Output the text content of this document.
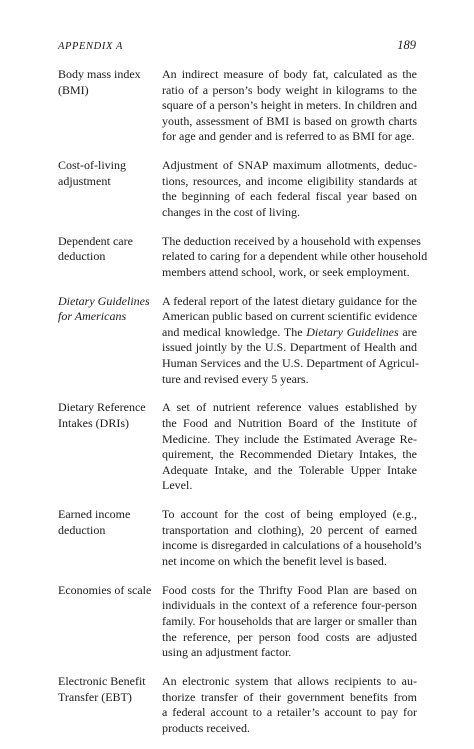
APPENDIX A	189
Body mass index
(BMI)
An indirect measure of body fat, calculated as the
ratio of a person’s body weight in kilograms to the
square of a person’s height in meters. In children and
youth, assessment of BMI is based on growth charts
for age and gender and is referred to as BMI for age.
Cost-of-living
adjustment
Adjustment of SNAP maximum allotments, deduc-
tions, resources, and income eligibility standards at
the beginning of each federal fiscal year based on
changes in the cost of living.
Dependent care
deduction
The deduction received by a household with expenses
related to caring for a dependent while other household
members attend school, work, or seek employment.
Dietary Guidelines
for Americans
A federal report of the latest dietary guidance for the
American public based on current scientific evidence
and medical knowledge. The Dietary Guidelines are
issued jointly by the U.S. Department of Health and
Human Services and the U.S. Department of Agricul-
ture and revised every 5 years.
Dietary Reference
Intakes (DRIs)
A set of nutrient reference values established by
the Food and Nutrition Board of the Institute of
Medicine. They include the Estimated Average Re-
quirement, the Recommended Dietary Intakes, the
Adequate Intake, and the Tolerable Upper Intake
Level.
Earned income
deduction
To account for the cost of being employed (e.g.,
transportation and clothing), 20 percent of earned
income is disregarded in calculations of a household’s
net income on which the benefit level is based.
Economies of scale Food costs for the Thrifty Food Plan are based on
individuals in the context of a reference four-person
family. For households that are larger or smaller than
the reference, per person food costs are adjusted
using an adjustment factor.
Electronic Benefit
Transfer (EBT)
An electronic system that allows recipients to au-
thorize transfer of their government benefits from
a federal account to a retailer’s account to pay for
products received.
